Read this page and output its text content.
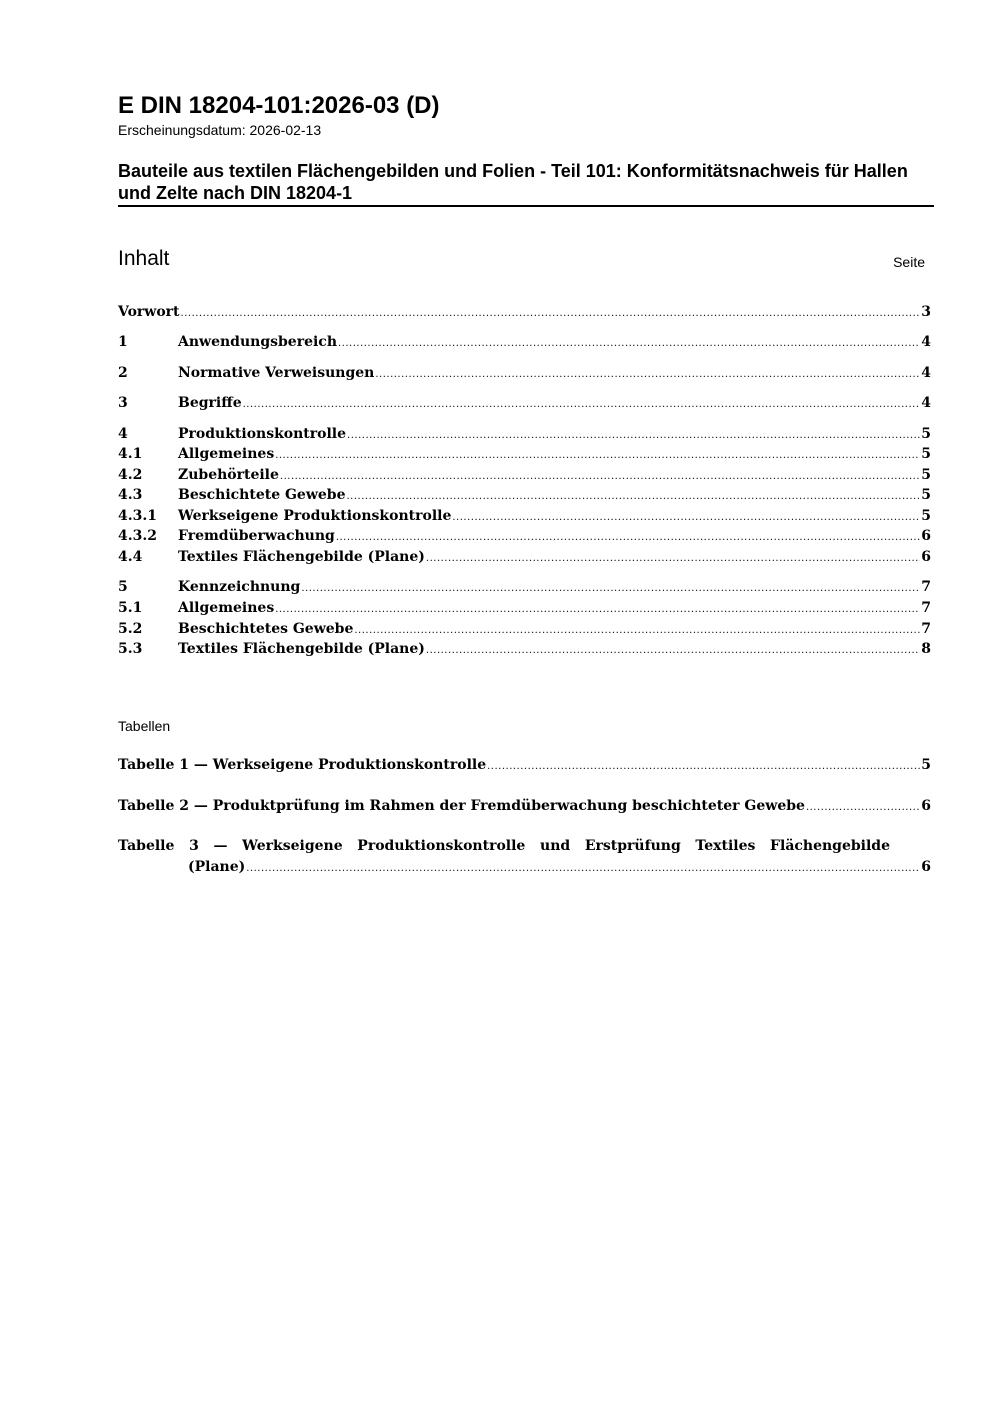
E DIN 18204-101:2026-03 (D)
Erscheinungsdatum: 2026-02-13
Bauteile aus textilen Flächengebilden und Folien - Teil 101: Konformitätsnachweis für Hallen und Zelte nach DIN 18204-1
Inhalt	Seite
Vorwort .....	3
1	Anwendungsbereich .....	4
2	Normative Verweisungen .....	4
3	Begriffe .....	4
4	Produktionskontrolle .....	5
4.1	Allgemeines .....	5
4.2	Zubehörteile .....	5
4.3	Beschichtete Gewebe .....	5
4.3.1 Werkseigene Produktionskontrolle .....	5
4.3.2 Fremdüberwachung .....	6
4.4	Textiles Flächengebilde (Plane) .....	6
5	Kennzeichnung .....	7
5.1	Allgemeines .....	7
5.2	Beschichtetes Gewebe .....	7
5.3	Textiles Flächengebilde (Plane) .....	8
Tabellen
Tabelle 1 — Werkseigene Produktionskontrolle .....	5
Tabelle 2 — Produktprüfung im Rahmen der Fremdüberwachung beschichteter Gewebe .....	6
Tabelle 3 — Werkseigene Produktionskontrolle und Erstprüfung Textiles Flächengebilde
(Plane) .....	6
